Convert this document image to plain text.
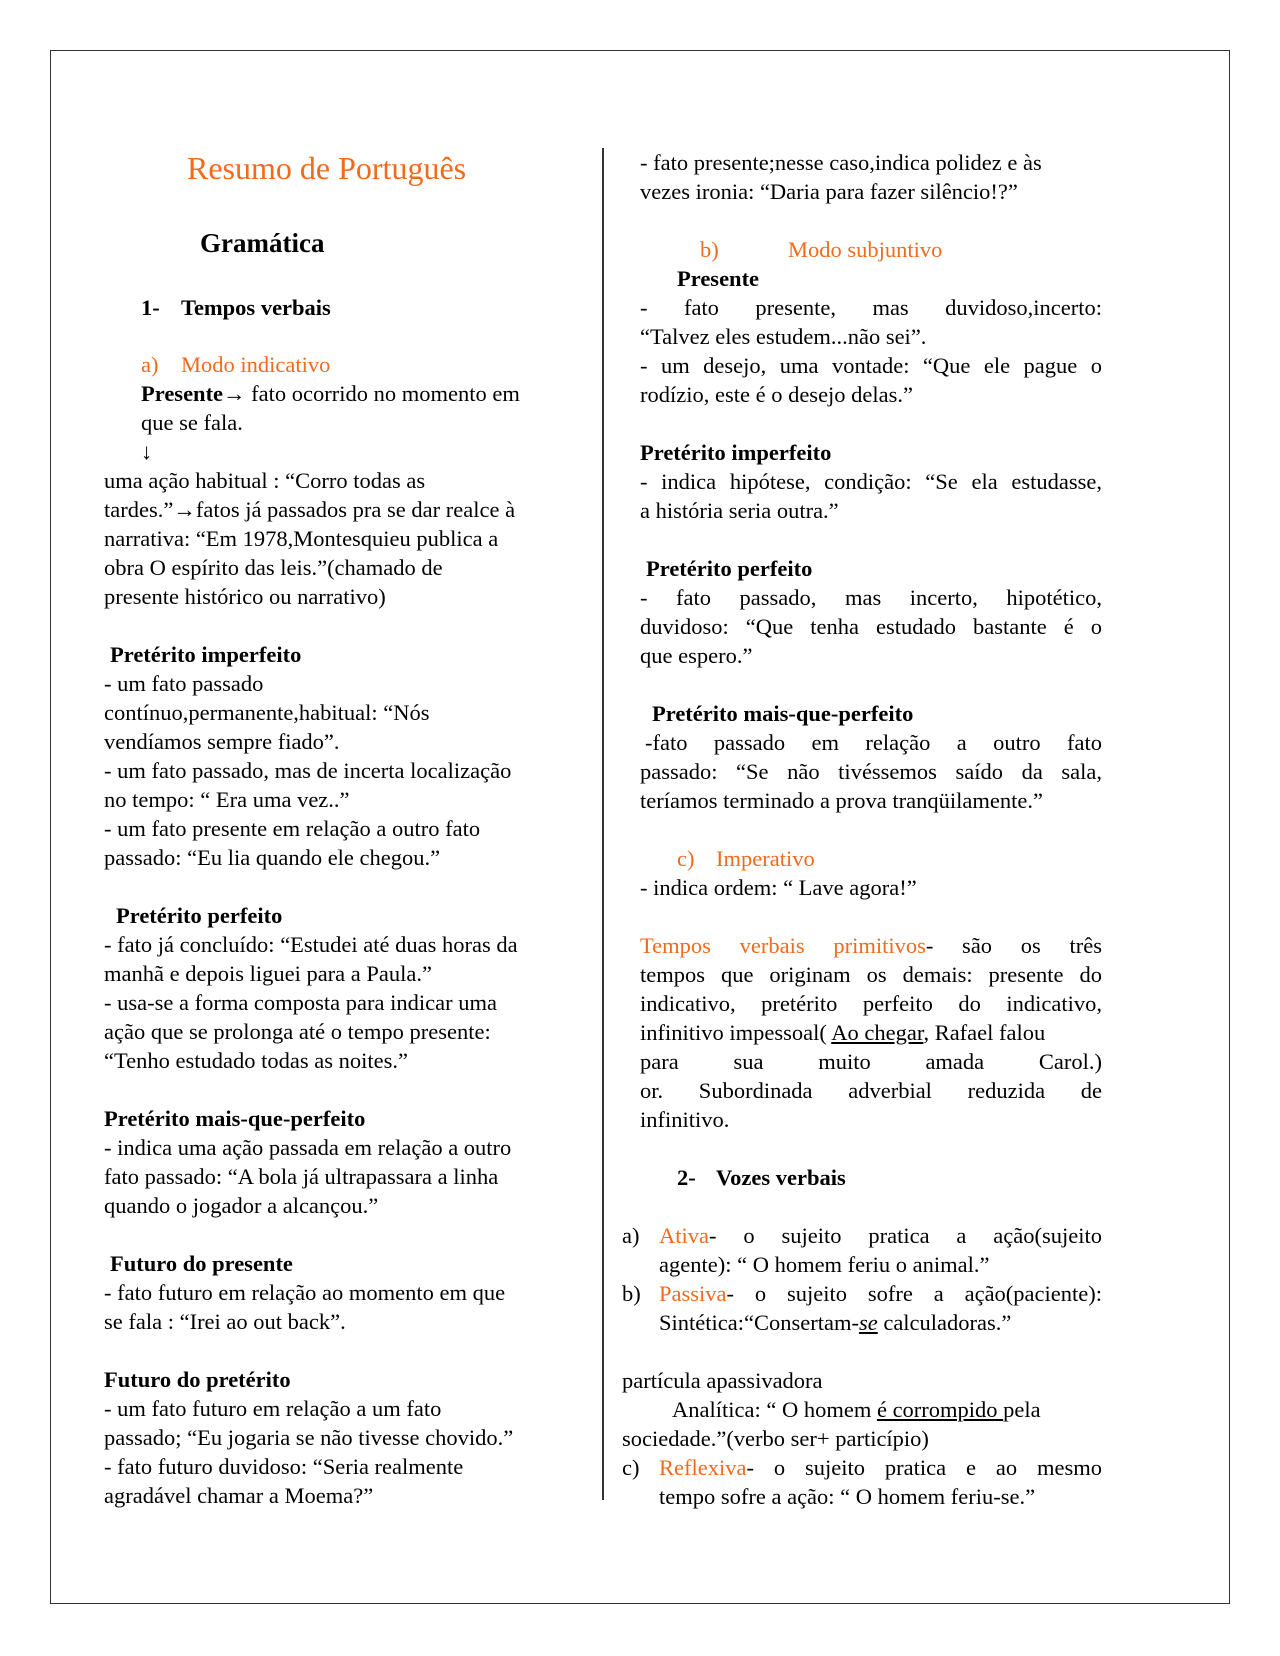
Resumo de Português
Gramática
1- Tempos verbais
a) Modo indicativo
Presente→ fato ocorrido no momento em
que se fala.
↓
uma ação habitual : “Corro todas as
tardes.”→fatos já passados pra se dar realce à
narrativa: “Em 1978,Montesquieu publica a
obra O espírito das leis.”(chamado de
presente histórico ou narrativo)
Pretérito imperfeito
- um fato passado
contínuo,permanente,habitual: “Nós
vendíamos sempre fiado”.
- um fato passado, mas de incerta localização
no tempo: “ Era uma vez..”
- um fato presente em relação a outro fato
passado: “Eu lia quando ele chegou.”
Pretérito perfeito
- fato já concluído: “Estudei até duas horas da
manhã e depois liguei para a Paula.”
- usa-se a forma composta para indicar uma
ação que se prolonga até o tempo presente:
“Tenho estudado todas as noites.”
Pretérito mais-que-perfeito
- indica uma ação passada em relação a outro
fato passado: “A bola já ultrapassara a linha
quando o jogador a alcançou.”
Futuro do presente
- fato futuro em relação ao momento em que
se fala : “Irei ao out back”.
Futuro do pretérito
- um fato futuro em relação a um fato
passado; “Eu jogaria se não tivesse chovido.”
- fato futuro duvidoso: “Seria realmente
agradável chamar a Moema?”
- fato presente;nesse caso,indica polidez e às
vezes ironia: “Daria para fazer silêncio!?”
b)	Modo subjuntivo
Presente
- fato presente, mas duvidoso,incerto:
“Talvez eles estudem...não sei”.
- um desejo, uma vontade: “Que ele pague o
rodízio, este é o desejo delas.”
Pretérito imperfeito
- indica hipótese, condição: “Se ela estudasse,
a história seria outra.”
Pretérito perfeito
- fato passado, mas incerto, hipotético,
duvidoso: “Que tenha estudado bastante é o
que espero.”
Pretérito mais-que-perfeito
-fato passado em relação a outro fato
passado: “Se não tivéssemos saído da sala,
teríamos terminado a prova tranqüilamente.”
c) Imperativo
- indica ordem: “ Lave agora!”
Tempos verbais primitivos- são os três
tempos que originam os demais: presente do
indicativo, pretérito perfeito do indicativo,
infinitivo impessoal( Ao chegar, Rafael falou
para sua muito amada Carol.)
or. Subordinada adverbial reduzida de
infinitivo.
2- Vozes verbais
a) Ativa- o sujeito pratica a ação(sujeito
agente): “ O homem feriu o animal.”
b) Passiva- o sujeito sofre a ação(paciente):
Sintética:“Consertam-se calculadoras.”
partícula apassivadora
Analítica: “ O homem é corrompido pela
sociedade.”(verbo ser+ particípio)
c) Reflexiva- o sujeito pratica e ao mesmo
tempo sofre a ação: “ O homem feriu-se.”
